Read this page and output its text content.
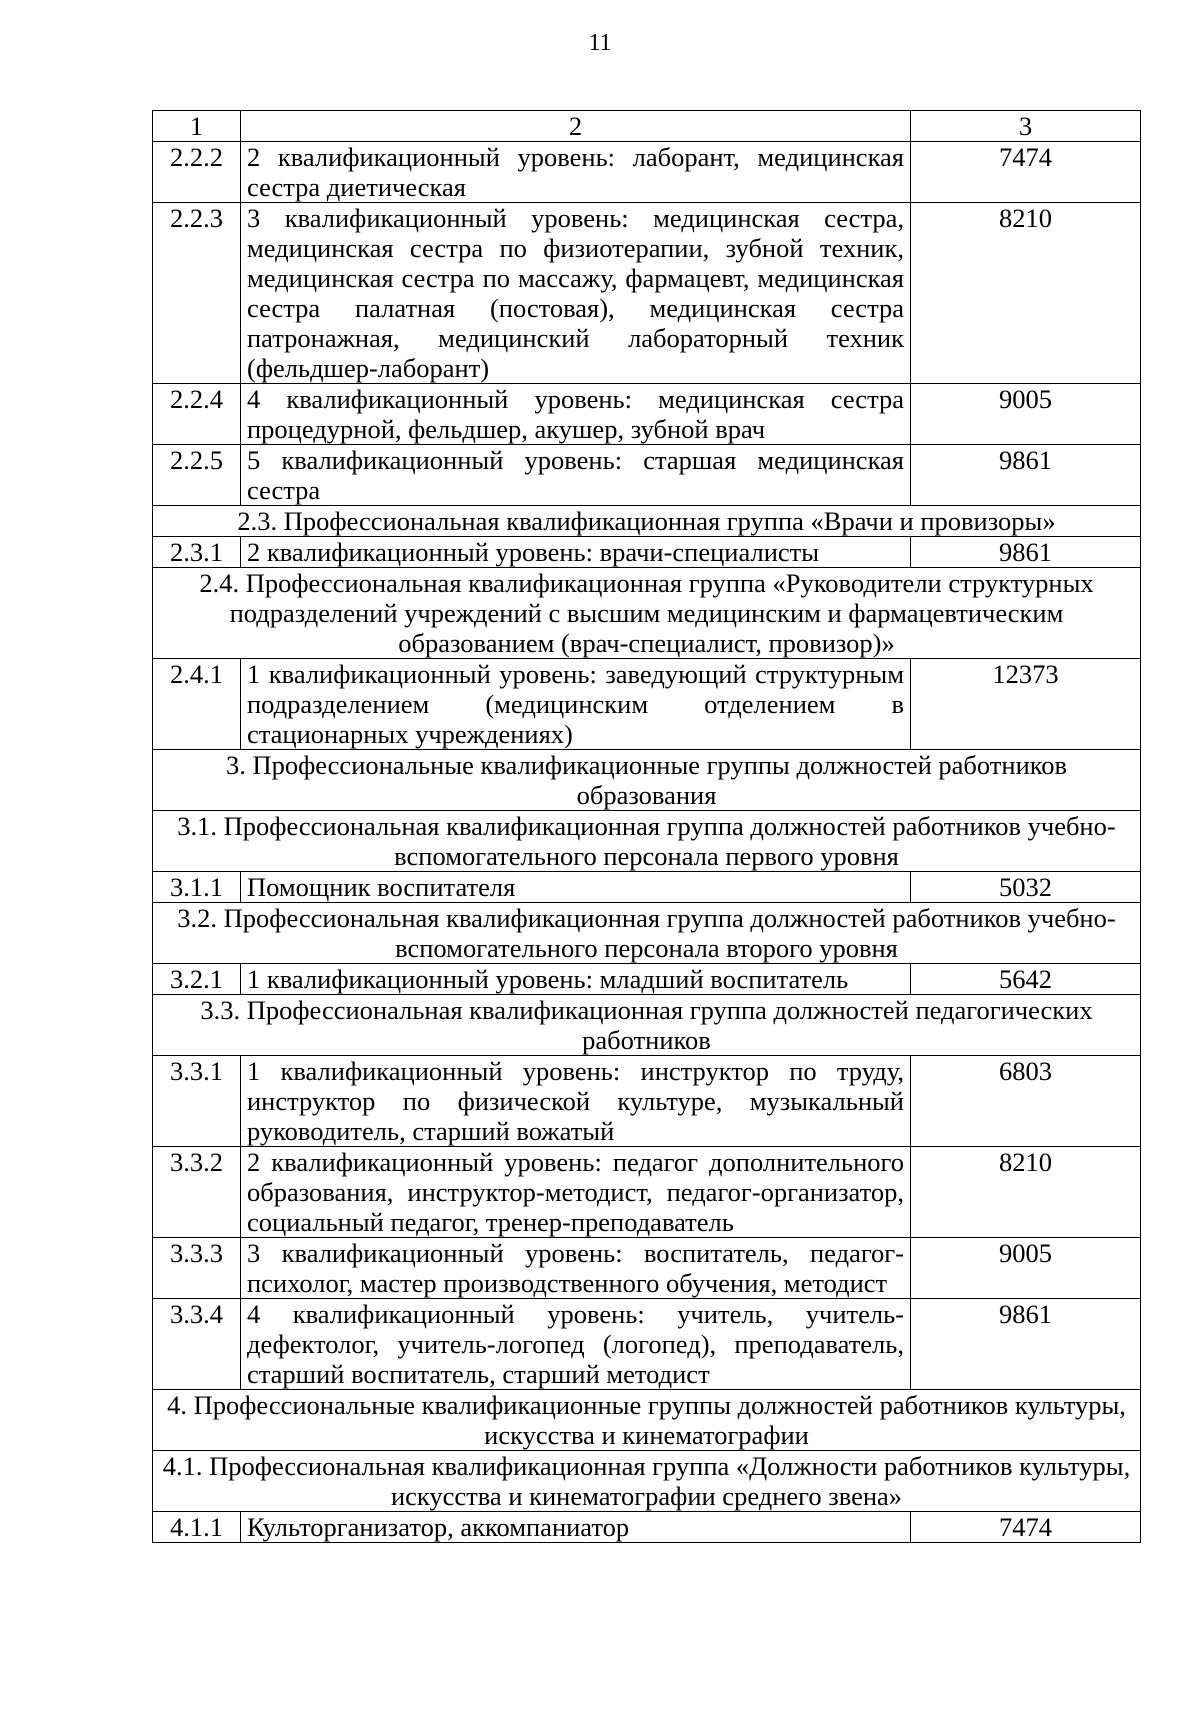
11
1	2	3
2.2.2	2 квалификационный уровень: лаборант, медицинская сестра диетическая	7474
2.2.3	3 квалификационный уровень: медицинская сестра, медицинская сестра по физиотерапии, зубной техник, медицинская сестра по массажу, фармацевт, медицинская сестра палатная (постовая), медицинская сестра патронажная, медицинский лабораторный техник (фельдшер-лаборант)	8210
2.2.4	4 квалификационный уровень: медицинская сестра процедурной, фельдшер, акушер, зубной врач	9005
2.2.5	5 квалификационный уровень: старшая медицинская сестра	9861
2.3. Профессиональная квалификационная группа «Врачи и провизоры»		
2.3.1	2 квалификационный уровень: врачи-специалисты	9861
2.4. Профессиональная квалификационная группа «Руководители структурных подразделений учреждений с высшим медицинским и фармацевтическим образованием (врач-специалист, провизор)»		
2.4.1	1 квалификационный уровень: заведующий структурным подразделением (медицинским отделением в стационарных учреждениях)	12373
3. Профессиональные квалификационные группы должностей работников образования		
3.1. Профессиональная квалификационная группа должностей работников учебно-вспомогательного персонала первого уровня		
3.1.1	Помощник воспитателя	5032
3.2. Профессиональная квалификационная группа должностей работников учебно-вспомогательного персонала второго уровня		
3.2.1	1 квалификационный уровень: младший воспитатель	5642
3.3. Профессиональная квалификационная группа должностей педагогических работников		
3.3.1	1 квалификационный уровень: инструктор по труду, инструктор по физической культуре, музыкальный руководитель, старший вожатый	6803
3.3.2	2 квалификационный уровень: педагог дополнительного образования, инструктор-методист, педагог-организатор, социальный педагог, тренер-преподаватель	8210
3.3.3	3 квалификационный уровень: воспитатель, педагог-психолог, мастер производственного обучения, методист	9005
3.3.4	4 квалификационный уровень: учитель, учитель-дефектолог, учитель-логопед (логопед), преподаватель, старший воспитатель, старший методист	9861
4. Профессиональные квалификационные группы должностей работников культуры, искусства и кинематографии		
4.1. Профессиональная квалификационная группа «Должности работников культуры, искусства и кинематографии среднего звена»		
4.1.1	Культорганизатор, аккомпаниатор	7474
